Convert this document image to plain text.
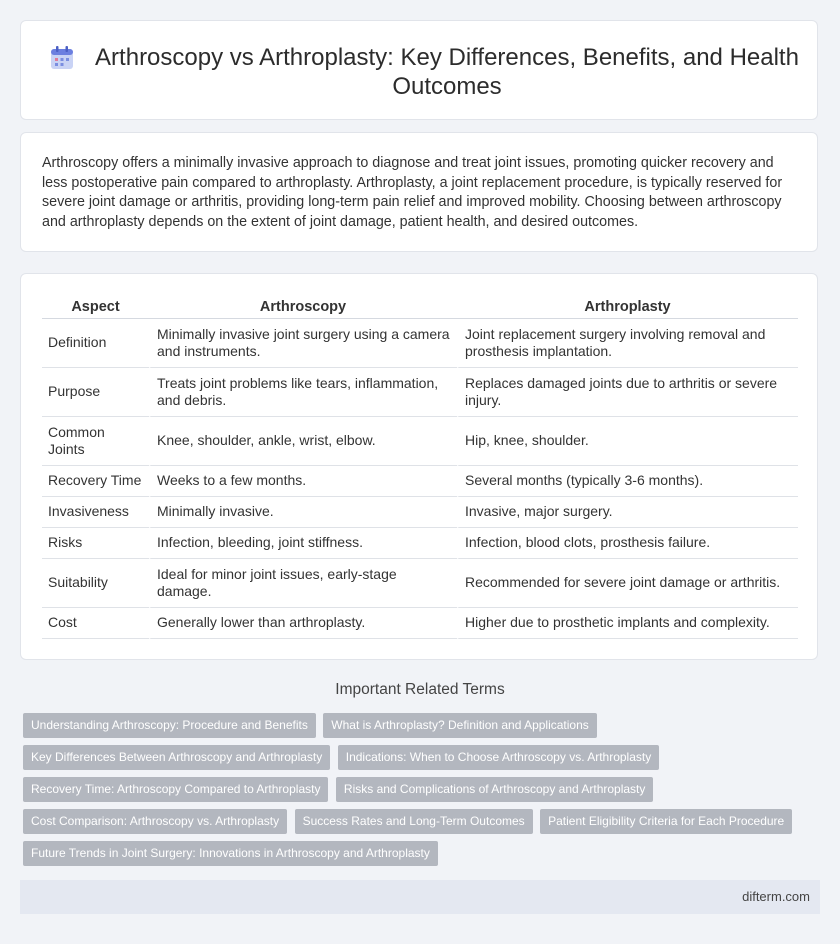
Arthroscopy vs Arthroplasty: Key Differences, Benefits, and Health Outcomes

Arthroscopy offers a minimally invasive approach to diagnose and treat joint issues, promoting quicker recovery and less postoperative pain compared to arthroplasty. Arthroplasty, a joint replacement procedure, is typically reserved for severe joint damage or arthritis, providing long-term pain relief and improved mobility. Choosing between arthroscopy and arthroplasty depends on the extent of joint damage, patient health, and desired outcomes.

Aspect	Arthroscopy	Arthroplasty
Definition	Minimally invasive joint surgery using a camera and instruments.	Joint replacement surgery involving removal and prosthesis implantation.
Purpose	Treats joint problems like tears, inflammation, and debris.	Replaces damaged joints due to arthritis or severe injury.
Common Joints	Knee, shoulder, ankle, wrist, elbow.	Hip, knee, shoulder.
Recovery Time	Weeks to a few months.	Several months (typically 3-6 months).
Invasiveness	Minimally invasive.	Invasive, major surgery.
Risks	Infection, bleeding, joint stiffness.	Infection, blood clots, prosthesis failure.
Suitability	Ideal for minor joint issues, early-stage damage.	Recommended for severe joint damage or arthritis.
Cost	Generally lower than arthroplasty.	Higher due to prosthetic implants and complexity.
Important Related Terms
Understanding Arthroscopy: Procedure and Benefits What is Arthroplasty? Definition and Applications Key Differences Between Arthroscopy and Arthroplasty Indications: When to Choose Arthroscopy vs. Arthroplasty Recovery Time: Arthroscopy Compared to Arthroplasty Risks and Complications of Arthroscopy and Arthroplasty Cost Comparison: Arthroscopy vs. Arthroplasty Success Rates and Long-Term Outcomes Patient Eligibility Criteria for Each Procedure Future Trends in Joint Surgery: Innovations in Arthroscopy and Arthroplasty
difterm.com
